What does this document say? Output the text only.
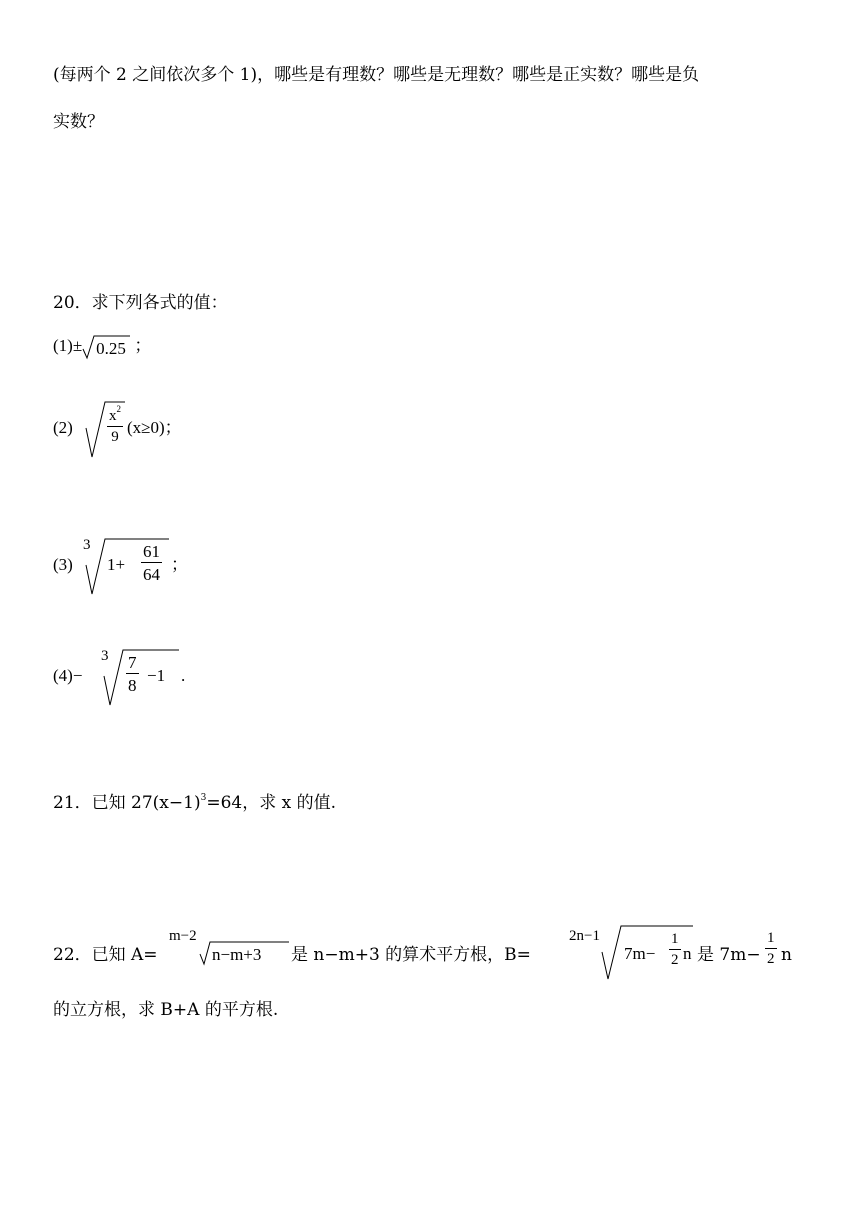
(每两个 2 之间依次多个 1)，哪些是有理数？哪些是无理数？哪些是正实数？哪些是负
实数？
20．求下列各式的值：
(1)± 0.25 ；
$(2) \frac{x^2}{9} (x\ge 0)$；
(3)
3
$1+ \frac{61}{64}$ ；
(4)−
$3 \frac{7}{8} -1$ .
21．已知 $27(x-1)^3=64$，求 x 的值.
22．已知 A=
m−2
n−m+3 是 n−m+3 的算术平方根，B=
2n−1
$7m- \frac{1}{2}$ n 是 $7m- \frac{1}{2}$ n
的立方根，求 B+A 的平方根.
